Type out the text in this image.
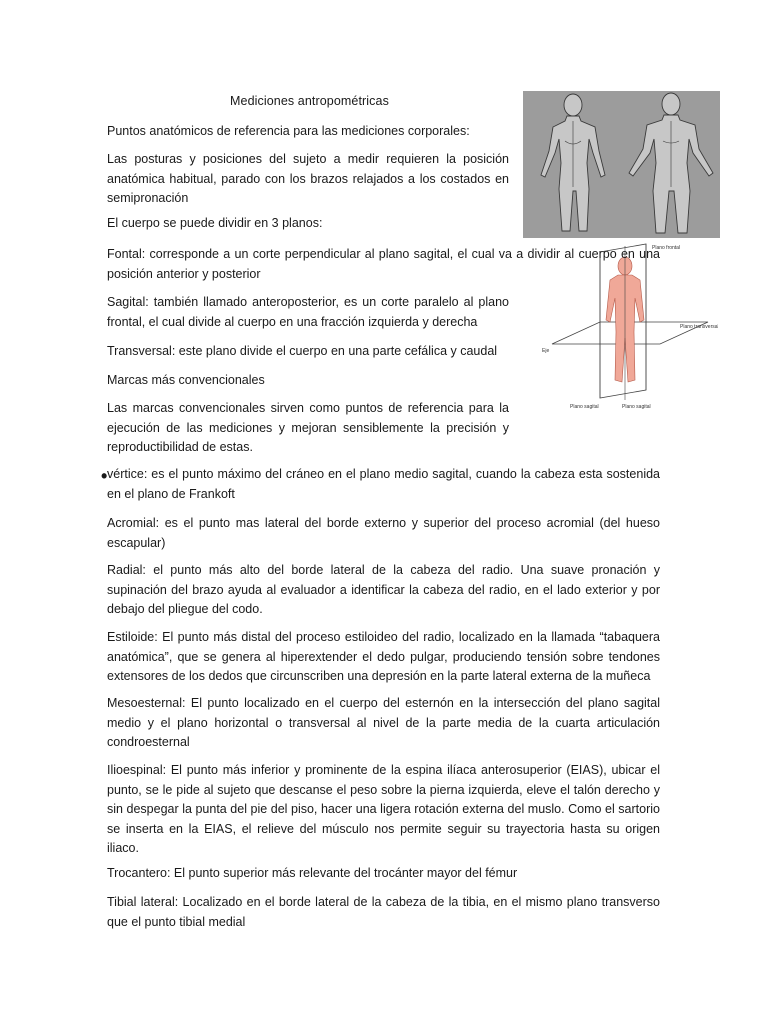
Mediciones antropométricas
Plano frontal
Plano transversal
Eje
Plano sagital	Plano sagital
Puntos anatómicos de referencia para las mediciones corporales:
Las posturas y posiciones del sujeto a medir requieren la posición anatómica habitual, parado con los brazos relajados a los costados en semipronación
El cuerpo se puede dividir en 3 planos:
Fontal: corresponde a un corte perpendicular al plano sagital, el cual va a dividir al cuerpo en una posición anterior y posterior
Sagital: también llamado anteroposterior, es un corte paralelo al plano frontal, el cual divide al cuerpo en una fracción izquierda y derecha
Transversal: este plano divide el cuerpo en una parte cefálica y caudal
Marcas más convencionales
Las marcas convencionales sirven como puntos de referencia para la ejecución de las mediciones y mejoran sensiblemente la precisión y reproductibilidad de estas.
• vértice: es el punto máximo del cráneo en el plano medio sagital, cuando la cabeza esta sostenida en el plano de Frankoft
Acromial: es el punto mas lateral del borde externo y superior del proceso acromial (del hueso escapular)
Radial: el punto más alto del borde lateral de la cabeza del radio. Una suave pronación y supinación del brazo ayuda al evaluador a identificar la cabeza del radio, en el lado exterior y por debajo del pliegue del codo.
Estiloide: El punto más distal del proceso estiloideo del radio, localizado en la llamada “tabaquera anatómica”, que se genera al hiperextender el dedo pulgar, produciendo tensión sobre tendones extensores de los dedos que circunscriben una depresión en la parte lateral externa de la muñeca
Mesoesternal: El punto localizado en el cuerpo del esternón en la intersección del plano sagital medio y el plano horizontal o transversal al nivel de la parte media de la cuarta articulación condroesternal
Ilioespinal: El punto más inferior y prominente de la espina ilíaca anterosuperior (EIAS), ubicar el punto, se le pide al sujeto que descanse el peso sobre la pierna izquierda, eleve el talón derecho y sin despegar la punta del pie del piso, hacer una ligera rotación externa del muslo. Como el sartorio se inserta en la EIAS, el relieve del músculo nos permite seguir su trayectoria hasta su origen iliaco.
Trocantero: El punto superior más relevante del trocánter mayor del fémur
Tibial lateral: Localizado en el borde lateral de la cabeza de la tibia, en el mismo plano transverso que el punto tibial medial
